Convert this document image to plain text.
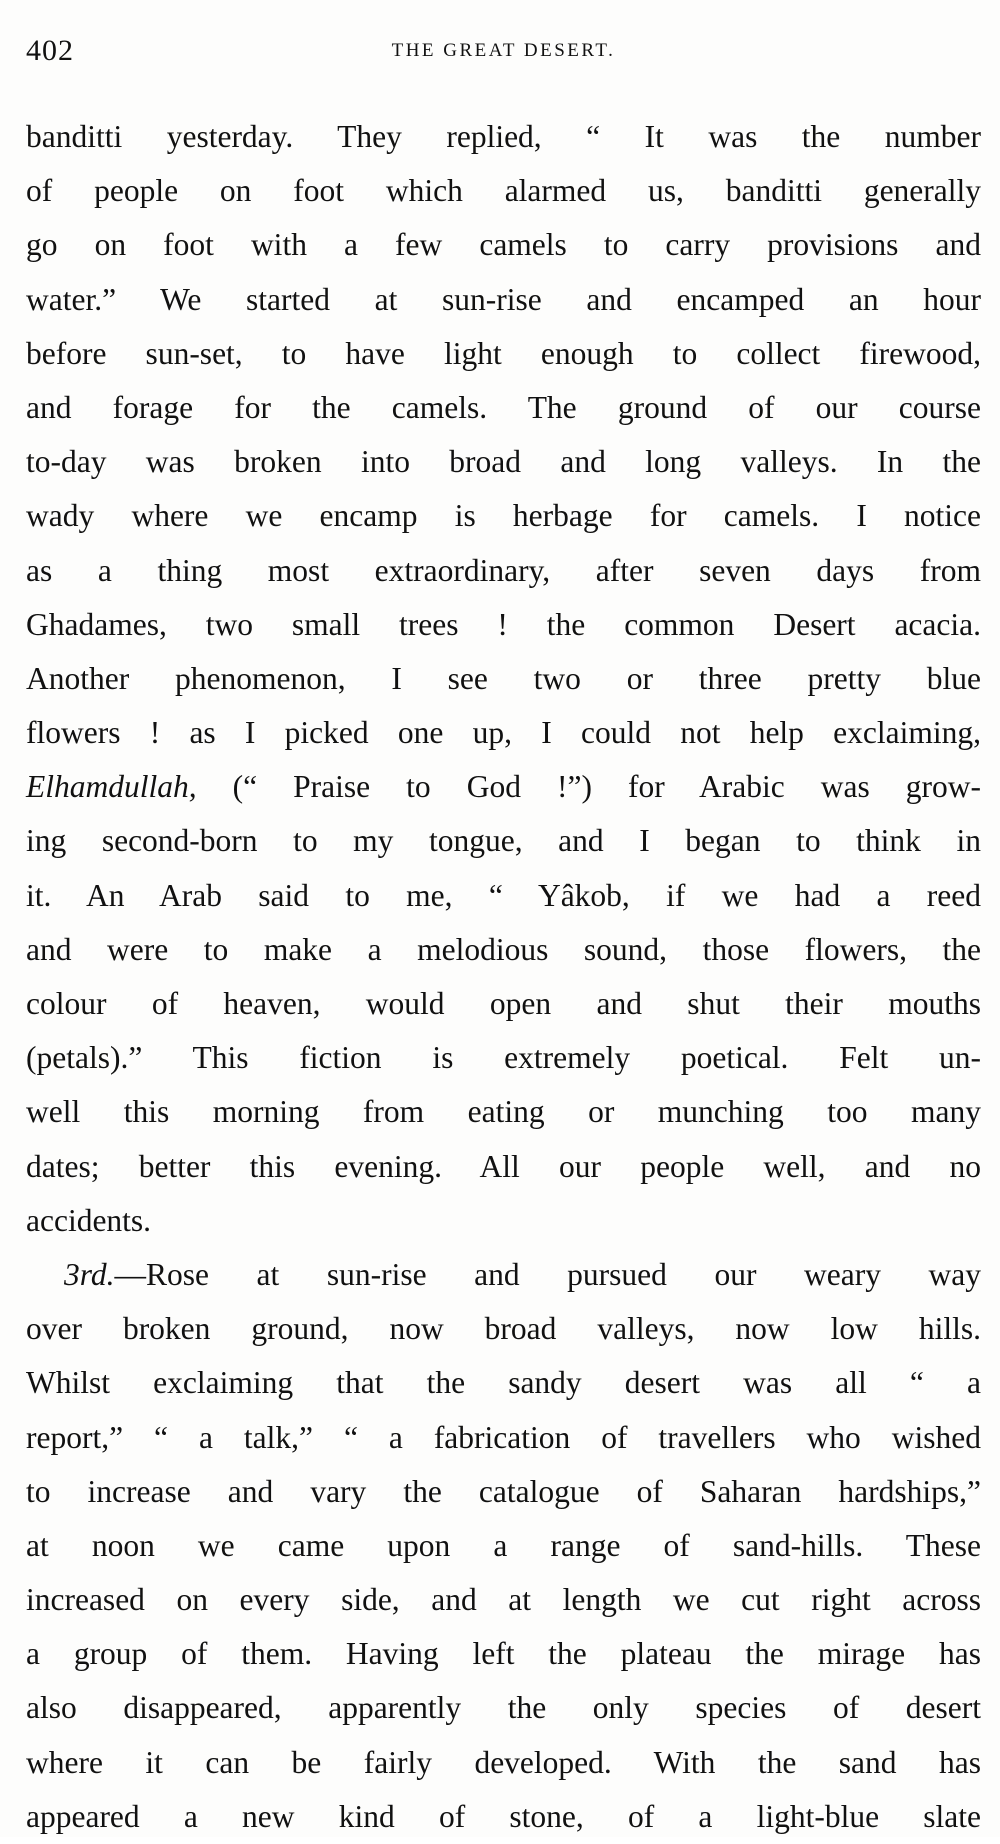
402	THE GREAT DESERT.
banditti yesterday. They replied, “ It was the number
of people on foot which alarmed us, banditti generally
go on foot with a few camels to carry provisions and
water.” We started at sun-rise and encamped an hour
before sun-set, to have light enough to collect firewood,
and forage for the camels. The ground of our course
to-day was broken into broad and long valleys. In the
wady where we encamp is herbage for camels. I notice
as a thing most extraordinary, after seven days from
Ghadames, two small trees ! the common Desert acacia.
Another phenomenon, I see two or three pretty blue
flowers ! as I picked one up, I could not help exclaiming,
Elhamdullah, (“ Praise to God !”) for Arabic was grow-
ing second-born to my tongue, and I began to think in
it. An Arab said to me, “ Yâkob, if we had a reed
and were to make a melodious sound, those flowers, the
colour of heaven, would open and shut their mouths
(petals).” This fiction is extremely poetical. Felt un-
well this morning from eating or munching too many
dates; better this evening. All our people well, and no
accidents.
3rd.—Rose at sun-rise and pursued our weary way
over broken ground, now broad valleys, now low hills.
Whilst exclaiming that the sandy desert was all “ a
report,” “ a talk,” “ a fabrication of travellers who wished
to increase and vary the catalogue of Saharan hardships,”
at noon we came upon a range of sand-hills. These
increased on every side, and at length we cut right across
a group of them. Having left the plateau the mirage has
also disappeared, apparently the only species of desert
where it can be fairly developed. With the sand has
appeared a new kind of stone, of a light-blue slate
